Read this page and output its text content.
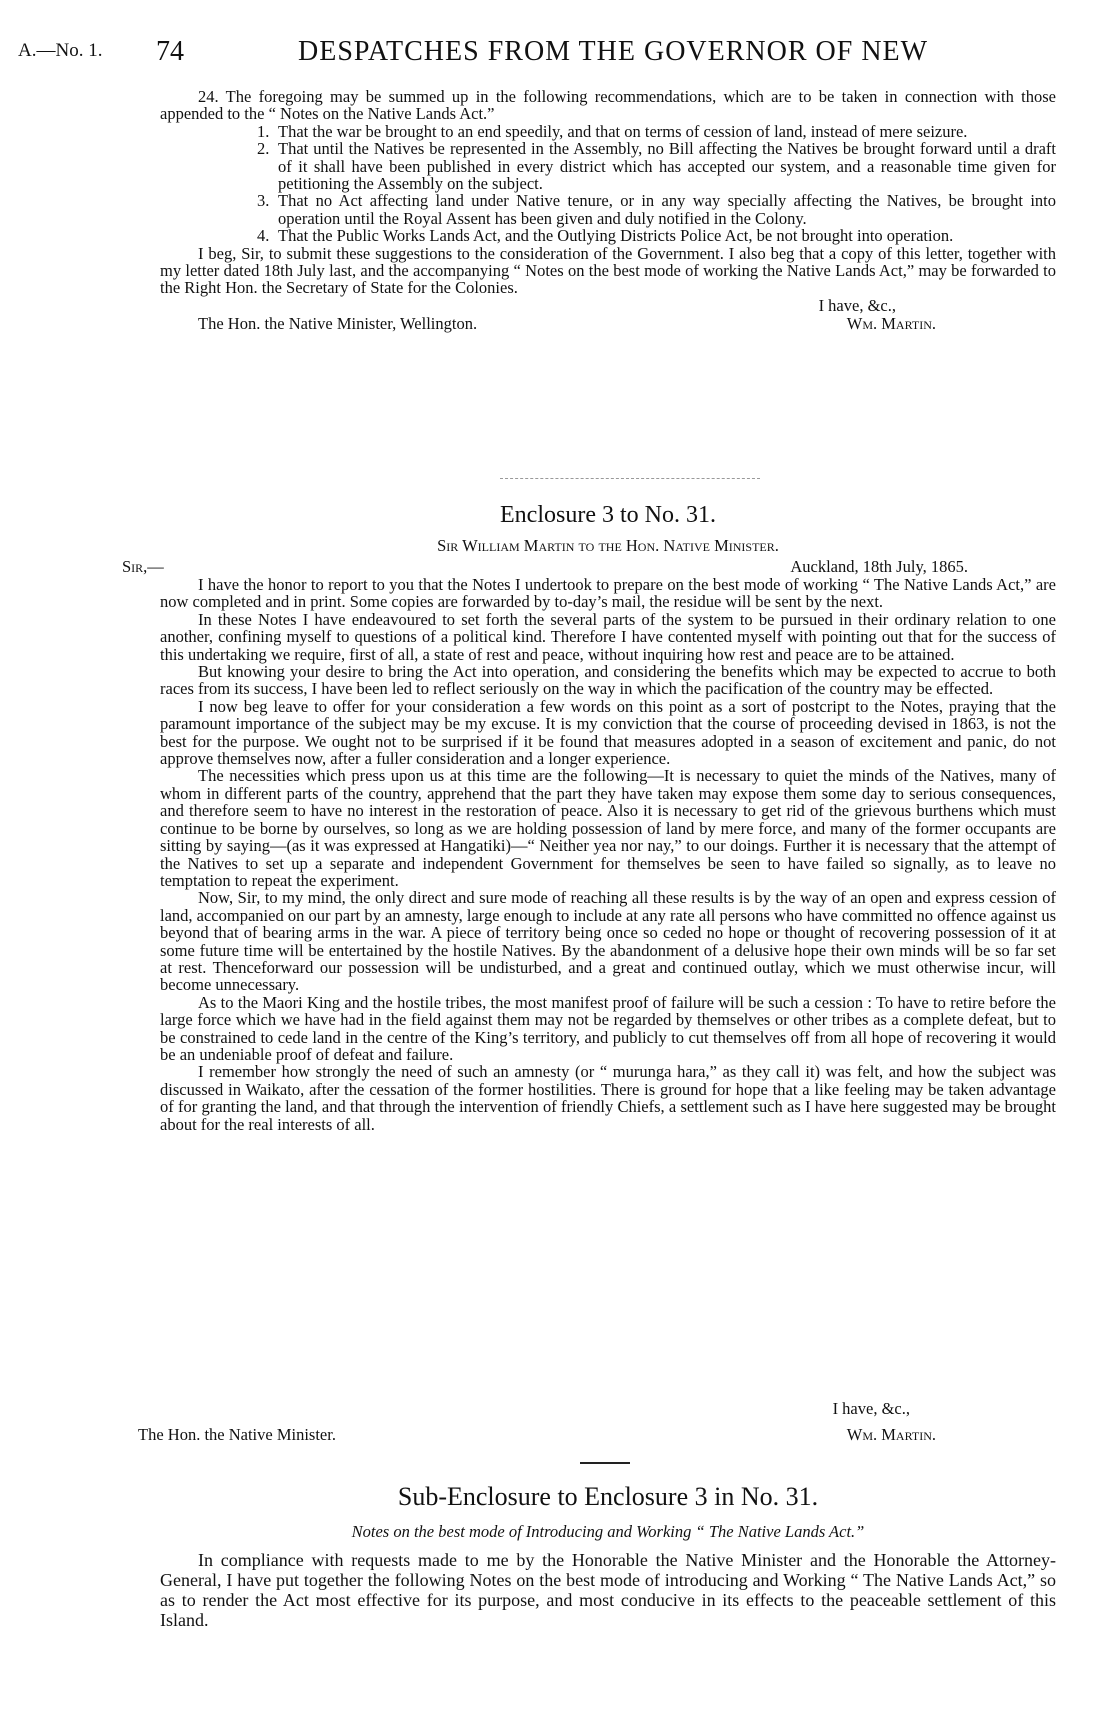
A.—No. 1. 74	DESPATCHES FROM THE GOVERNOR OF NEW

24. The foregoing may be summed up in the following recommendations, which are to be taken in connection with those appended to the “ Notes on the Native Lands Act.”

1. That the war be brought to an end speedily, and that on terms of cession of land, instead of mere seizure.

2. That until the Natives be represented in the Assembly, no Bill affecting the Natives be brought forward until a draft of it shall have been published in every district which has accepted our system, and a reasonable time given for petitioning the Assembly on the subject.

3. That no Act affecting land under Native tenure, or in any way specially affecting the Natives, be brought into operation until the Royal Assent has been given and duly notified in the Colony.

4. That the Public Works Lands Act, and the Outlying Districts Police Act, be not brought into operation.

I beg, Sir, to submit these suggestions to the consideration of the Government. I also beg that a copy of this letter, together with my letter dated 18th July last, and the accompanying “ Notes on the best mode of working the Native Lands Act,” may be forwarded to the Right Hon. the Secretary of State for the Colonies.

I have, &c.,
The Hon. the Native Minister, Wellington.	Wm. Martin.
Enclosure 3 to No. 31.
Sir William Martin to the Hon. Native Minister.
Sir,—	Auckland, 18th July, 1865.

I have the honor to report to you that the Notes I undertook to prepare on the best mode of working “ The Native Lands Act,” are now completed and in print. Some copies are forwarded by to-day’s mail, the residue will be sent by the next.

In these Notes I have endeavoured to set forth the several parts of the system to be pursued in their ordinary relation to one another, confining myself to questions of a political kind. Therefore I have contented myself with pointing out that for the success of this undertaking we require, first of all, a state of rest and peace, without inquiring how rest and peace are to be attained.

But knowing your desire to bring the Act into operation, and considering the benefits which may be expected to accrue to both races from its success, I have been led to reflect seriously on the way in which the pacification of the country may be effected.

I now beg leave to offer for your consideration a few words on this point as a sort of postcript to the Notes, praying that the paramount importance of the subject may be my excuse. It is my conviction that the course of proceeding devised in 1863, is not the best for the purpose. We ought not to be surprised if it be found that measures adopted in a season of excitement and panic, do not approve themselves now, after a fuller consideration and a longer experience.

The necessities which press upon us at this time are the following—It is necessary to quiet the minds of the Natives, many of whom in different parts of the country, apprehend that the part they have taken may expose them some day to serious consequences, and therefore seem to have no interest in the restoration of peace. Also it is necessary to get rid of the grievous burthens which must continue to be borne by ourselves, so long as we are holding possession of land by mere force, and many of the former occupants are sitting by saying—(as it was expressed at Hangatiki)—“ Neither yea nor nay,” to our doings. Further it is necessary that the attempt of the Natives to set up a separate and independent Government for themselves be seen to have failed so signally, as to leave no temptation to repeat the experiment.

Now, Sir, to my mind, the only direct and sure mode of reaching all these results is by the way of an open and express cession of land, accompanied on our part by an amnesty, large enough to include at any rate all persons who have committed no offence against us beyond that of bearing arms in the war. A piece of territory being once so ceded no hope or thought of recovering possession of it at some future time will be entertained by the hostile Natives. By the abandonment of a delusive hope their own minds will be so far set at rest. Thenceforward our possession will be undisturbed, and a great and continued outlay, which we must otherwise incur, will become unnecessary.

As to the Maori King and the hostile tribes, the most manifest proof of failure will be such a cession : To have to retire before the large force which we have had in the field against them may not be regarded by themselves or other tribes as a complete defeat, but to be constrained to cede land in the centre of the King’s territory, and publicly to cut themselves off from all hope of recovering it would be an undeniable proof of defeat and failure.

I remember how strongly the need of such an amnesty (or “ murunga hara,” as they call it) was felt, and how the subject was discussed in Waikato, after the cessation of the former hostilities. There is ground for hope that a like feeling may be taken advantage of for granting the land, and that through the intervention of friendly Chiefs, a settlement such as I have here suggested may be brought about for the real interests of all.

I have, &c.,
The Hon. the Native Minister.	Wm. Martin.
Sub-Enclosure to Enclosure 3 in No. 31.
Notes on the best mode of Introducing and Working “ The Native Lands Act.”

In compliance with requests made to me by the Honorable the Native Minister and the Honorable the Attorney-General, I have put together the following Notes on the best mode of introducing and Working “ The Native Lands Act,” so as to render the Act most effective for its purpose, and most conducive in its effects to the peaceable settlement of this Island.
